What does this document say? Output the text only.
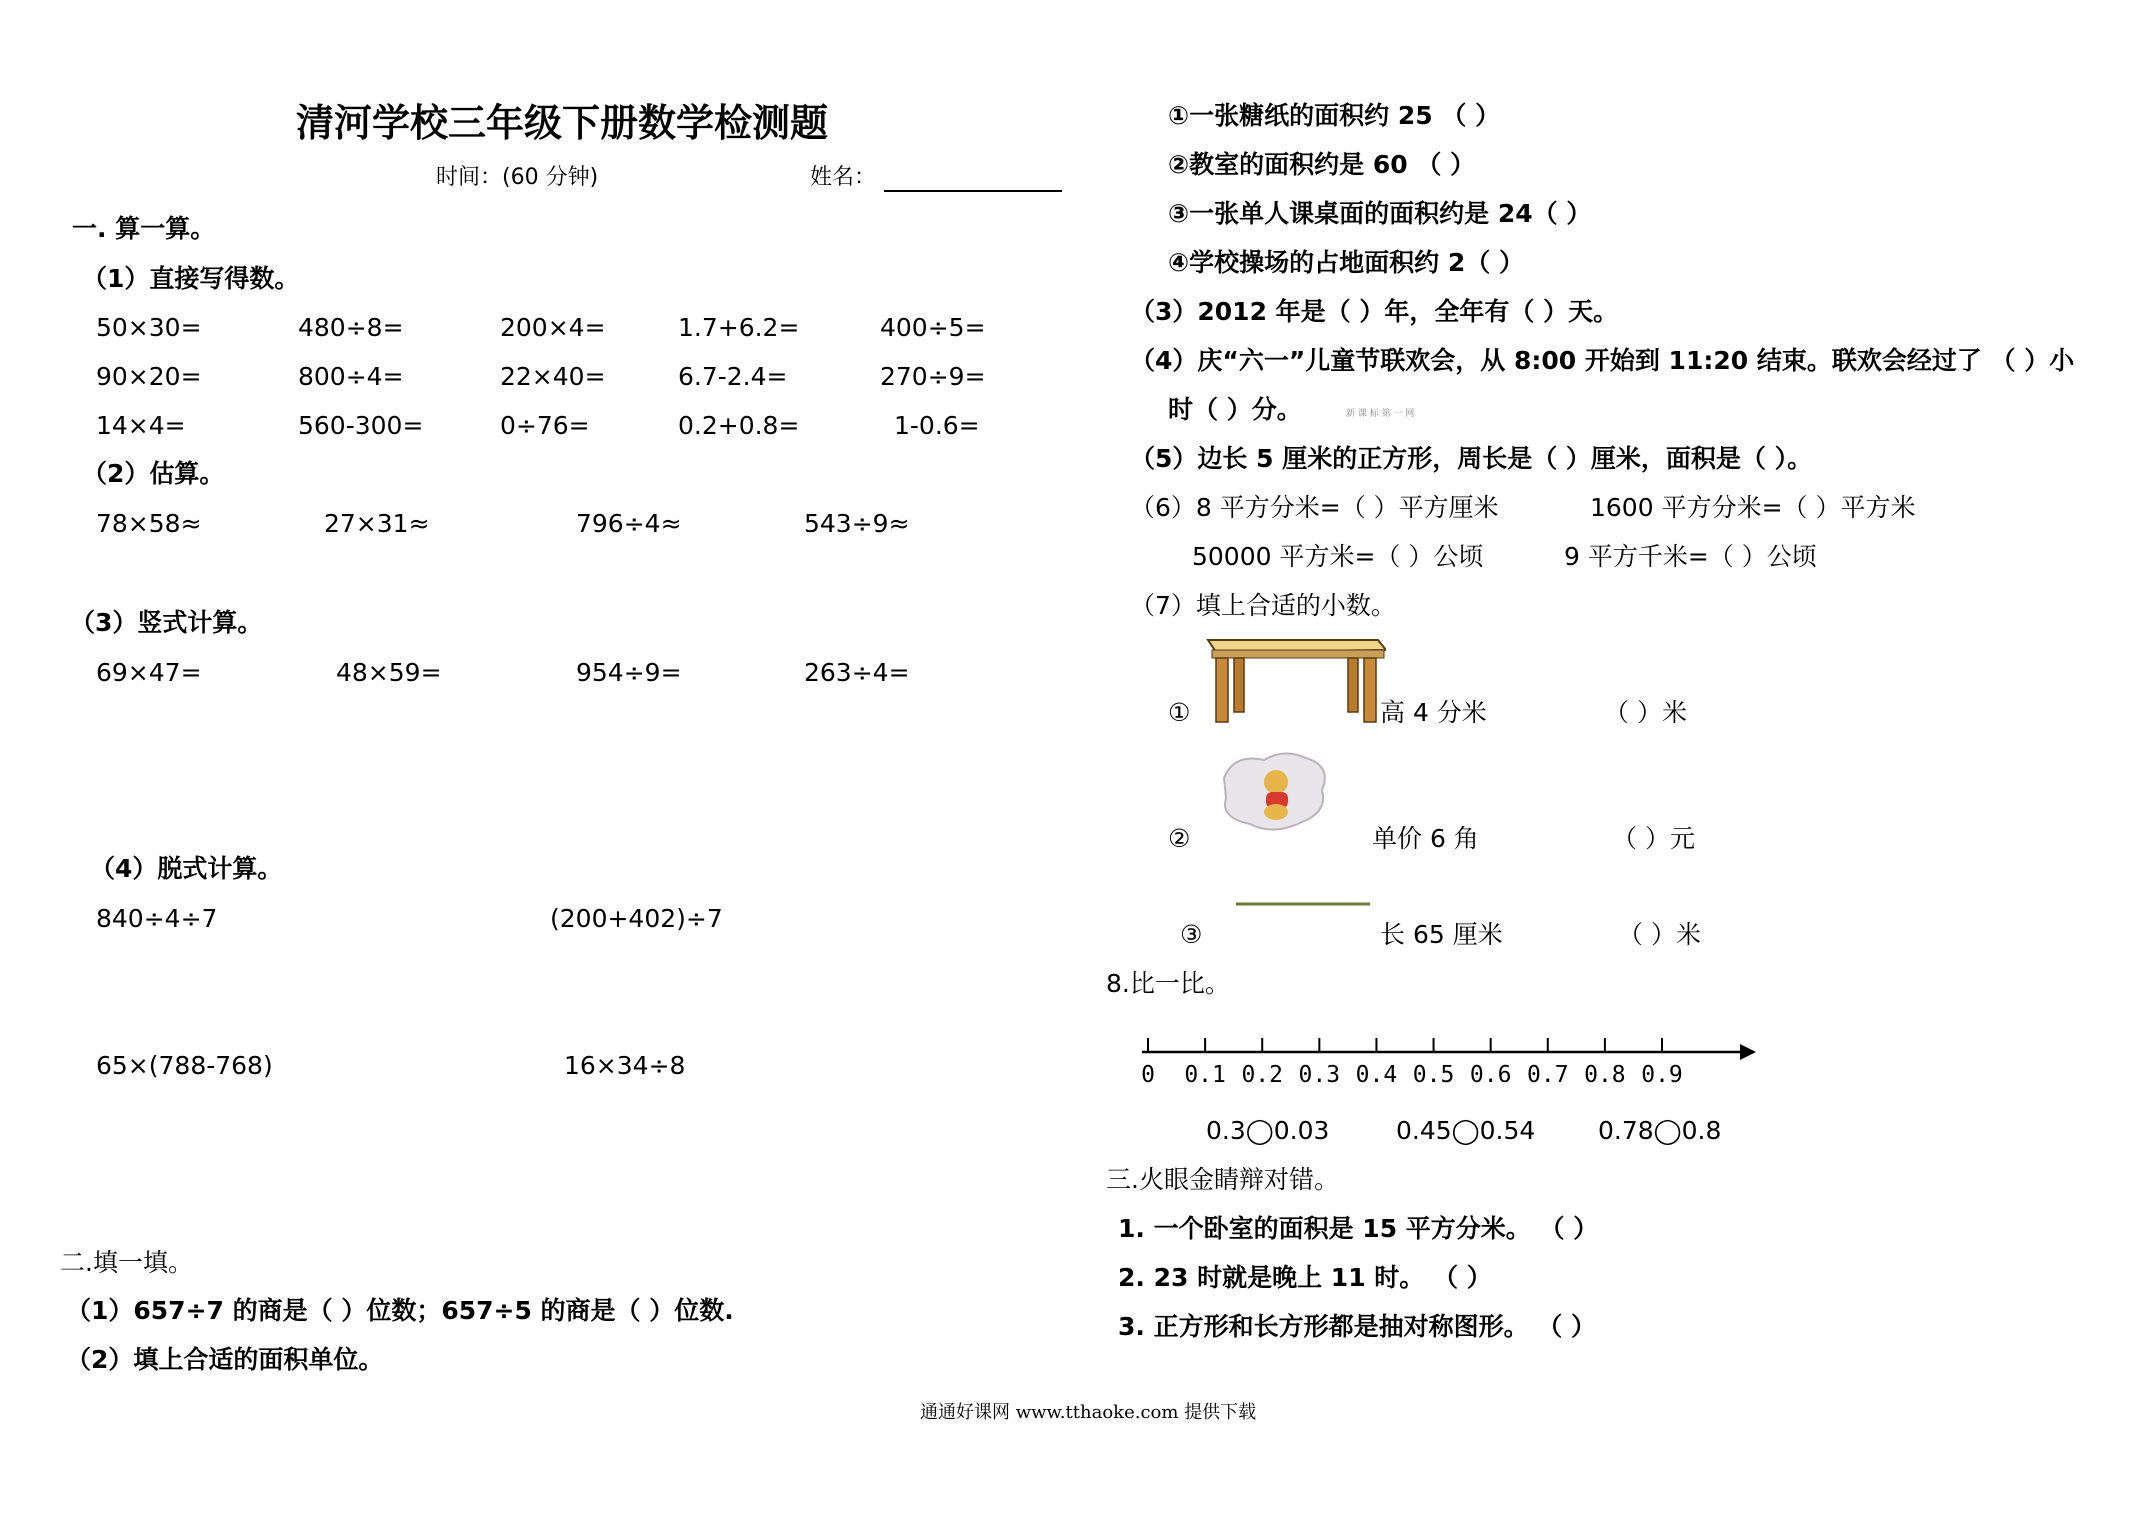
清河学校三年级下册数学检测题
时间：(60 分钟)	姓名：
一. 算一算。
（1）直接写得数。
50×30=	480÷8=	200×4=	1.7+6.2=	400÷5=
90×20=	800÷4=	22×40=	6.7-2.4=	270÷9=
14×4=	560-300=	0÷76=	0.2+0.8=	1-0.6=
（2）估算。
78×58≈	27×31≈	796÷4≈	543÷9≈
（3）竖式计算。
69×47=	48×59=	954÷9=	263÷4=
（4）脱式计算。
840÷4÷7	(200+402)÷7
65×(788-768)	16×34÷8
二.填一填。
（1）657÷7 的商是（ ）位数；657÷5 的商是（ ）位数.
（2）填上合适的面积单位。
①一张糖纸的面积约 25 （ ）
②教室的面积约是 60 （ ）
③一张单人课桌面的面积约是 24（ ）
④学校操场的占地面积约 2（ ）
（3）2012 年是（ ）年，全年有（ ）天。
（4）庆“六一”儿童节联欢会，从 8:00 开始到 11:20 结束。联欢会经过了 （ ）小
时（ ）分。	新 课 标 第 一 网
（5）边长 5 厘米的正方形，周长是（ ）厘米，面积是（ ）。
（6）8 平方分米=（ ）平方厘米	1600 平方分米=（ ）平方米
50000 平方米=（ ）公顷	9 平方千米=（ ）公顷
（7）填上合适的小数。
①	高 4 分米	（ ）米
②	单价 6 角	（ ）元
③	长 65 厘米	（ ）米
8.比一比。
0 0.1 0.2 0.3 0.4 0.5 0.6 0.7 0.8 0.9
0.3◯0.03	0.45◯0.54	0.78◯0.8
三.火眼金睛辩对错。
1. 一个卧室的面积是 15 平方分米。 （ ）
2. 23 时就是晚上 11 时。 （ ）
3. 正方形和长方形都是抽对称图形。 （ ）
通通好课网 www.tthaoke.com 提供下载
